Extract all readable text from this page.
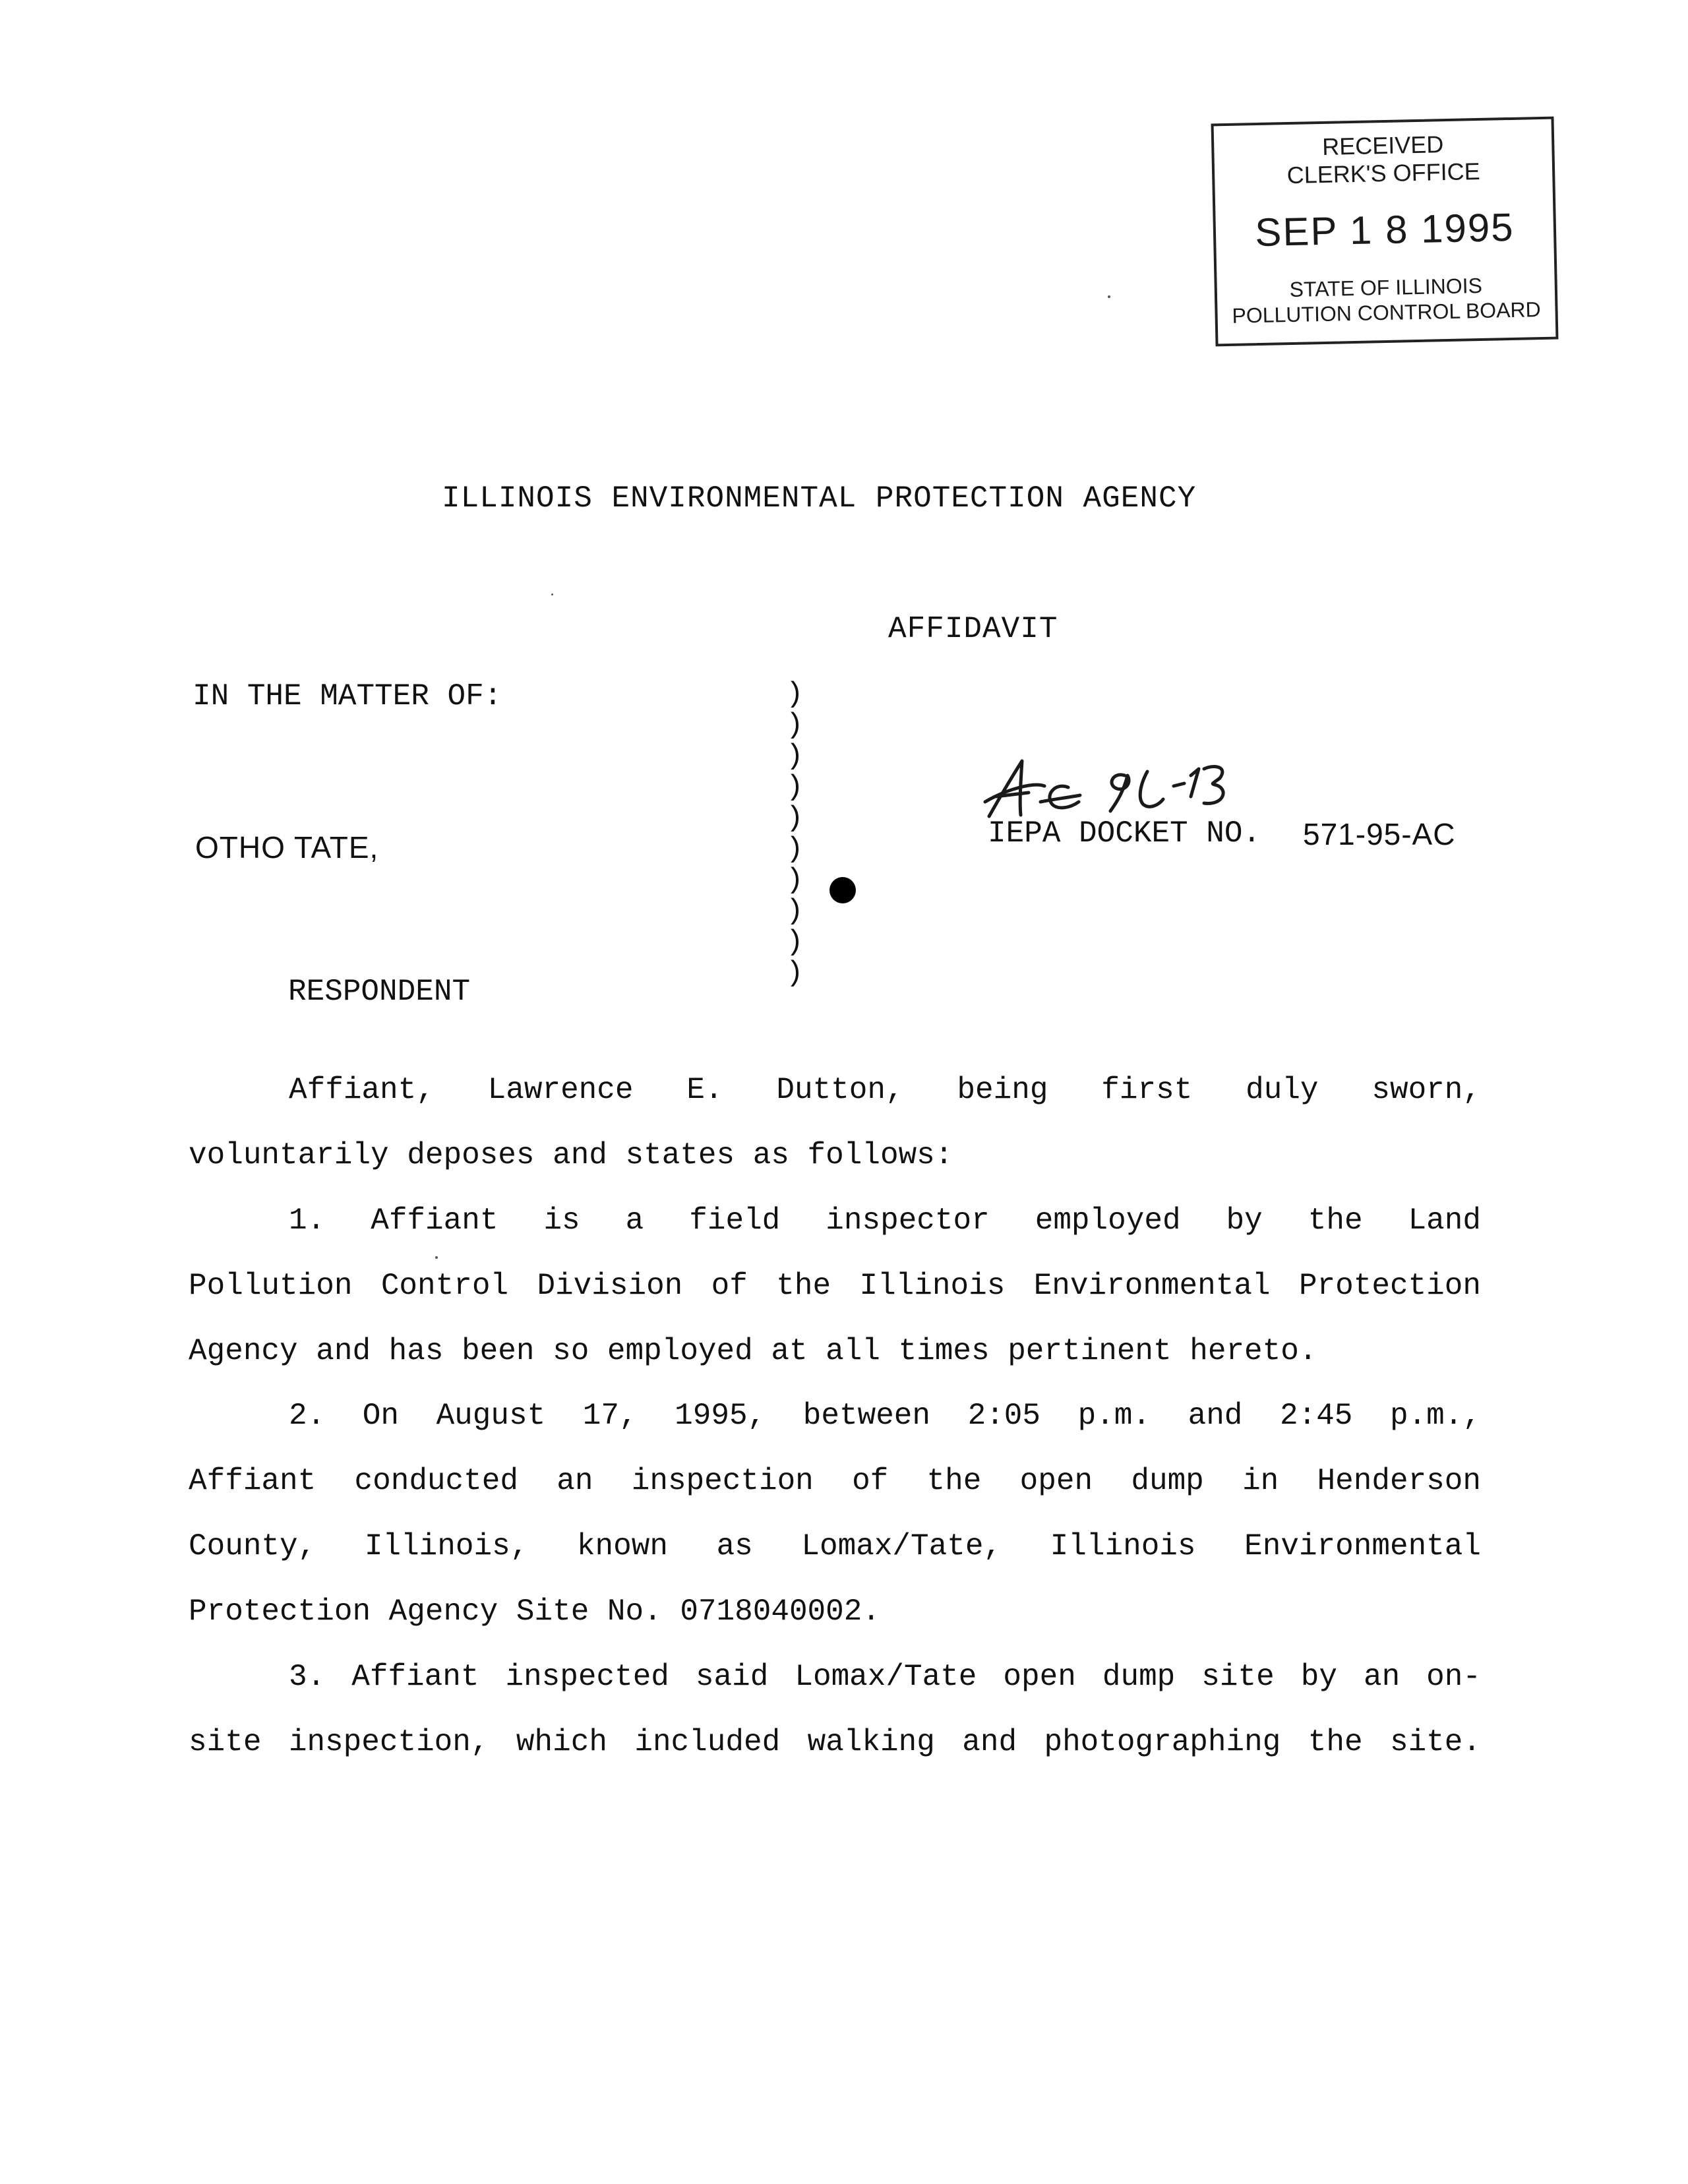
RECEIVED
CLERK'S OFFICE
SEP 1 8 1995
STATE OF ILLINOIS
POLLUTION CONTROL BOARD
ILLINOIS ENVIRONMENTAL PROTECTION AGENCY
AFFIDAVIT
IN THE MATTER OF:
OTHO TATE,
RESPONDENT
)
)
)
)
)
)
)
)
)
)
IEPA DOCKET NO. 571-95-AC
Affiant, Lawrence E. Dutton, being first duly sworn,
voluntarily deposes and states as follows:
1. Affiant is a field inspector employed by the Land
Pollution Control Division of the Illinois Environmental Protection
Agency and has been so employed at all times pertinent hereto.
2. On August 17, 1995, between 2:05 p.m. and 2:45 p.m.,
Affiant conducted an inspection of the open dump in Henderson
County, Illinois, known as Lomax/Tate, Illinois Environmental
Protection Agency Site No. 0718040002.
3. Affiant inspected said Lomax/Tate open dump site by an on-
site inspection, which included walking and photographing the site.
